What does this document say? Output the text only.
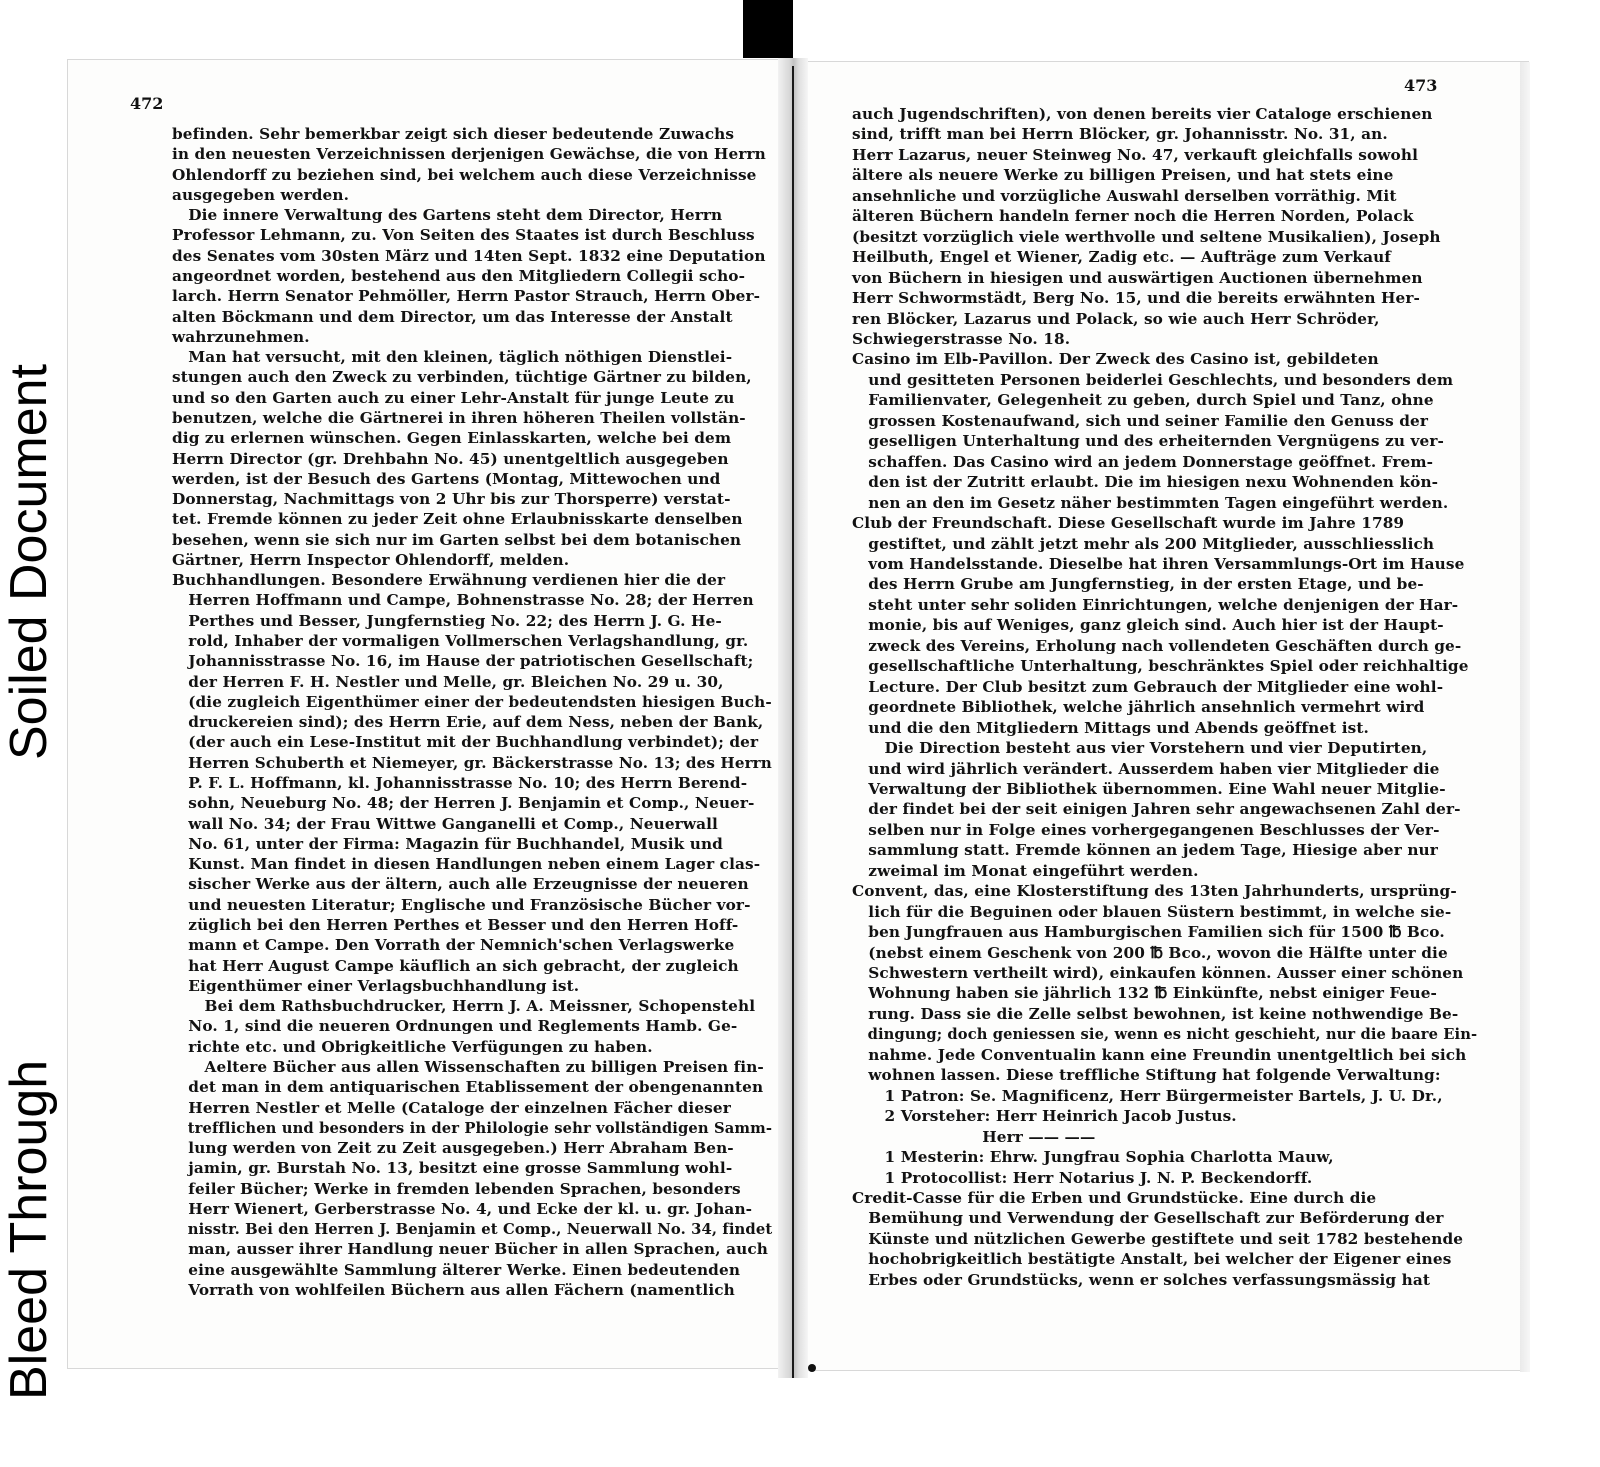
Soiled Document
Bleed Through
472
473
befinden. Sehr bemerkbar zeigt sich dieser bedeutende Zuwachs
in den neuesten Verzeichnissen derjenigen Gewächse, die von Herrn
Ohlendorff zu beziehen sind, bei welchem auch diese Verzeichnisse
ausgegeben werden.
Die innere Verwaltung des Gartens steht dem Director, Herrn
Professor Lehmann, zu. Von Seiten des Staates ist durch Beschluss
des Senates vom 30sten März und 14ten Sept. 1832 eine Deputation
angeordnet worden, bestehend aus den Mitgliedern Collegii scho-
larch. Herrn Senator Pehmöller, Herrn Pastor Strauch, Herrn Ober-
alten Böckmann und dem Director, um das Interesse der Anstalt
wahrzunehmen.
Man hat versucht, mit den kleinen, täglich nöthigen Dienstlei-
stungen auch den Zweck zu verbinden, tüchtige Gärtner zu bilden,
und so den Garten auch zu einer Lehr-Anstalt für junge Leute zu
benutzen, welche die Gärtnerei in ihren höheren Theilen vollstän-
dig zu erlernen wünschen. Gegen Einlasskarten, welche bei dem
Herrn Director (gr. Drehbahn No. 45) unentgeltlich ausgegeben
werden, ist der Besuch des Gartens (Montag, Mittewochen und
Donnerstag, Nachmittags von 2 Uhr bis zur Thorsperre) verstat-
tet. Fremde können zu jeder Zeit ohne Erlaubnisskarte denselben
besehen, wenn sie sich nur im Garten selbst bei dem botanischen
Gärtner, Herrn Inspector Ohlendorff, melden.
Buchhandlungen. Besondere Erwähnung verdienen hier die der
Herren Hoffmann und Campe, Bohnenstrasse No. 28; der Herren
Perthes und Besser, Jungfernstieg No. 22; des Herrn J. G. He-
rold, Inhaber der vormaligen Vollmerschen Verlagshandlung, gr.
Johannisstrasse No. 16, im Hause der patriotischen Gesellschaft;
der Herren F. H. Nestler und Melle, gr. Bleichen No. 29 u. 30,
(die zugleich Eigenthümer einer der bedeutendsten hiesigen Buch-
druckereien sind); des Herrn Erie, auf dem Ness, neben der Bank,
(der auch ein Lese-Institut mit der Buchhandlung verbindet); der
Herren Schuberth et Niemeyer, gr. Bäckerstrasse No. 13; des Herrn
P. F. L. Hoffmann, kl. Johannisstrasse No. 10; des Herrn Berend-
sohn, Neueburg No. 48; der Herren J. Benjamin et Comp., Neuer-
wall No. 34; der Frau Wittwe Ganganelli et Comp., Neuerwall
No. 61, unter der Firma: Magazin für Buchhandel, Musik und
Kunst. Man findet in diesen Handlungen neben einem Lager clas-
sischer Werke aus der ältern, auch alle Erzeugnisse der neueren
und neuesten Literatur; Englische und Französische Bücher vor-
züglich bei den Herren Perthes et Besser und den Herren Hoff-
mann et Campe. Den Vorrath der Nemnich'schen Verlagswerke
hat Herr August Campe käuflich an sich gebracht, der zugleich
Eigenthümer einer Verlagsbuchhandlung ist.
Bei dem Rathsbuchdrucker, Herrn J. A. Meissner, Schopenstehl
No. 1, sind die neueren Ordnungen und Reglements Hamb. Ge-
richte etc. und Obrigkeitliche Verfügungen zu haben.
Aeltere Bücher aus allen Wissenschaften zu billigen Preisen fin-
det man in dem antiquarischen Etablissement der obengenannten
Herren Nestler et Melle (Cataloge der einzelnen Fächer dieser
trefflichen und besonders in der Philologie sehr vollständigen Samm-
lung werden von Zeit zu Zeit ausgegeben.) Herr Abraham Ben-
jamin, gr. Burstah No. 13, besitzt eine grosse Sammlung wohl-
feiler Bücher; Werke in fremden lebenden Sprachen, besonders
Herr Wienert, Gerberstrasse No. 4, und Ecke der kl. u. gr. Johan-
nisstr. Bei den Herren J. Benjamin et Comp., Neuerwall No. 34, findet
man, ausser ihrer Handlung neuer Bücher in allen Sprachen, auch
eine ausgewählte Sammlung älterer Werke. Einen bedeutenden
Vorrath von wohlfeilen Büchern aus allen Fächern (namentlich
auch Jugendschriften), von denen bereits vier Cataloge erschienen
sind, trifft man bei Herrn Blöcker, gr. Johannisstr. No. 31, an.
Herr Lazarus, neuer Steinweg No. 47, verkauft gleichfalls sowohl
ältere als neuere Werke zu billigen Preisen, und hat stets eine
ansehnliche und vorzügliche Auswahl derselben vorräthig. Mit
älteren Büchern handeln ferner noch die Herren Norden, Polack
(besitzt vorzüglich viele werthvolle und seltene Musikalien), Joseph
Heilbuth, Engel et Wiener, Zadig etc. — Aufträge zum Verkauf
von Büchern in hiesigen und auswärtigen Auctionen übernehmen
Herr Schwormstädt, Berg No. 15, und die bereits erwähnten Her-
ren Blöcker, Lazarus und Polack, so wie auch Herr Schröder,
Schwiegerstrasse No. 18.
Casino im Elb-Pavillon. Der Zweck des Casino ist, gebildeten
und gesitteten Personen beiderlei Geschlechts, und besonders dem
Familienvater, Gelegenheit zu geben, durch Spiel und Tanz, ohne
grossen Kostenaufwand, sich und seiner Familie den Genuss der
geselligen Unterhaltung und des erheiternden Vergnügens zu ver-
schaffen. Das Casino wird an jedem Donnerstage geöffnet. Frem-
den ist der Zutritt erlaubt. Die im hiesigen nexu Wohnenden kön-
nen an den im Gesetz näher bestimmten Tagen eingeführt werden.
Club der Freundschaft. Diese Gesellschaft wurde im Jahre 1789
gestiftet, und zählt jetzt mehr als 200 Mitglieder, ausschliesslich
vom Handelsstande. Dieselbe hat ihren Versammlungs-Ort im Hause
des Herrn Grube am Jungfernstieg, in der ersten Etage, und be-
steht unter sehr soliden Einrichtungen, welche denjenigen der Har-
monie, bis auf Weniges, ganz gleich sind. Auch hier ist der Haupt-
zweck des Vereins, Erholung nach vollendeten Geschäften durch ge-
gesellschaftliche Unterhaltung, beschränktes Spiel oder reichhaltige
Lecture. Der Club besitzt zum Gebrauch der Mitglieder eine wohl-
geordnete Bibliothek, welche jährlich ansehnlich vermehrt wird
und die den Mitgliedern Mittags und Abends geöffnet ist.
Die Direction besteht aus vier Vorstehern und vier Deputirten,
und wird jährlich verändert. Ausserdem haben vier Mitglieder die
Verwaltung der Bibliothek übernommen. Eine Wahl neuer Mitglie-
der findet bei der seit einigen Jahren sehr angewachsenen Zahl der-
selben nur in Folge eines vorhergegangenen Beschlusses der Ver-
sammlung statt. Fremde können an jedem Tage, Hiesige aber nur
zweimal im Monat eingeführt werden.
Convent, das, eine Klosterstiftung des 13ten Jahrhunderts, ursprüng-
lich für die Beguinen oder blauen Süstern bestimmt, in welche sie-
ben Jungfrauen aus Hamburgischen Familien sich für 1500 ℔ Bco.
(nebst einem Geschenk von 200 ℔ Bco., wovon die Hälfte unter die
Schwestern vertheilt wird), einkaufen können. Ausser einer schönen
Wohnung haben sie jährlich 132 ℔ Einkünfte, nebst einiger Feue-
rung. Dass sie die Zelle selbst bewohnen, ist keine nothwendige Be-
dingung; doch geniessen sie, wenn es nicht geschieht, nur die baare Ein-
nahme. Jede Conventualin kann eine Freundin unentgeltlich bei sich
wohnen lassen. Diese treffliche Stiftung hat folgende Verwaltung:
1 Patron: Se. Magnificenz, Herr Bürgermeister Bartels, J. U. Dr.,
2 Vorsteher: Herr Heinrich Jacob Justus.
Herr —— ——
1 Mesterin: Ehrw. Jungfrau Sophia Charlotta Mauw,
1 Protocollist: Herr Notarius J. N. P. Beckendorff.
Credit-Casse für die Erben und Grundstücke. Eine durch die
Bemühung und Verwendung der Gesellschaft zur Beförderung der
Künste und nützlichen Gewerbe gestiftete und seit 1782 bestehende
hochobrigkeitlich bestätigte Anstalt, bei welcher der Eigener eines
Erbes oder Grundstücks, wenn er solches verfassungsmässig hat
